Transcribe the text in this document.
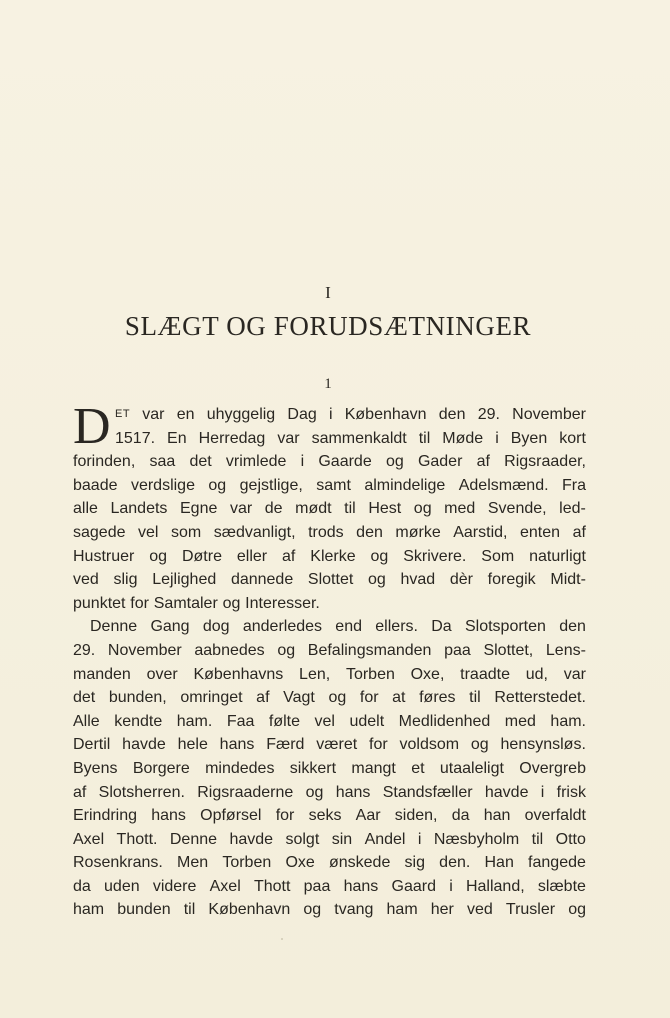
I
SLÆGT OG FORUDSÆTNINGER
1
D ET var en uhyggelig Dag i København den 29. November
1517. En Herredag var sammenkaldt til Møde i Byen kort
forinden, saa det vrimlede i Gaarde og Gader af Rigsraader,
baade verdslige og gejstlige, samt almindelige Adelsmænd. Fra
alle Landets Egne var de mødt til Hest og med Svende, led-
sagede vel som sædvanligt, trods den mørke Aarstid, enten af
Hustruer og Døtre eller af Klerke og Skrivere. Som naturligt
ved slig Lejlighed dannede Slottet og hvad dèr foregik Midt-
punktet for Samtaler og Interesser.
Denne Gang dog anderledes end ellers. Da Slotsporten den
29. November aabnedes og Befalingsmanden paa Slottet, Lens-
manden over Københavns Len, Torben Oxe, traadte ud, var
det bunden, omringet af Vagt og for at føres til Retterstedet.
Alle kendte ham. Faa følte vel udelt Medlidenhed med ham.
Dertil havde hele hans Færd været for voldsom og hensynsløs.
Byens Borgere mindedes sikkert mangt et utaaleligt Overgreb
af Slotsherren. Rigsraaderne og hans Standsfæller havde i frisk
Erindring hans Opførsel for seks Aar siden, da han overfaldt
Axel Thott. Denne havde solgt sin Andel i Næsbyholm til Otto
Rosenkrans. Men Torben Oxe ønskede sig den. Han fangede
da uden videre Axel Thott paa hans Gaard i Halland, slæbte
ham bunden til København og tvang ham her ved Trusler og
